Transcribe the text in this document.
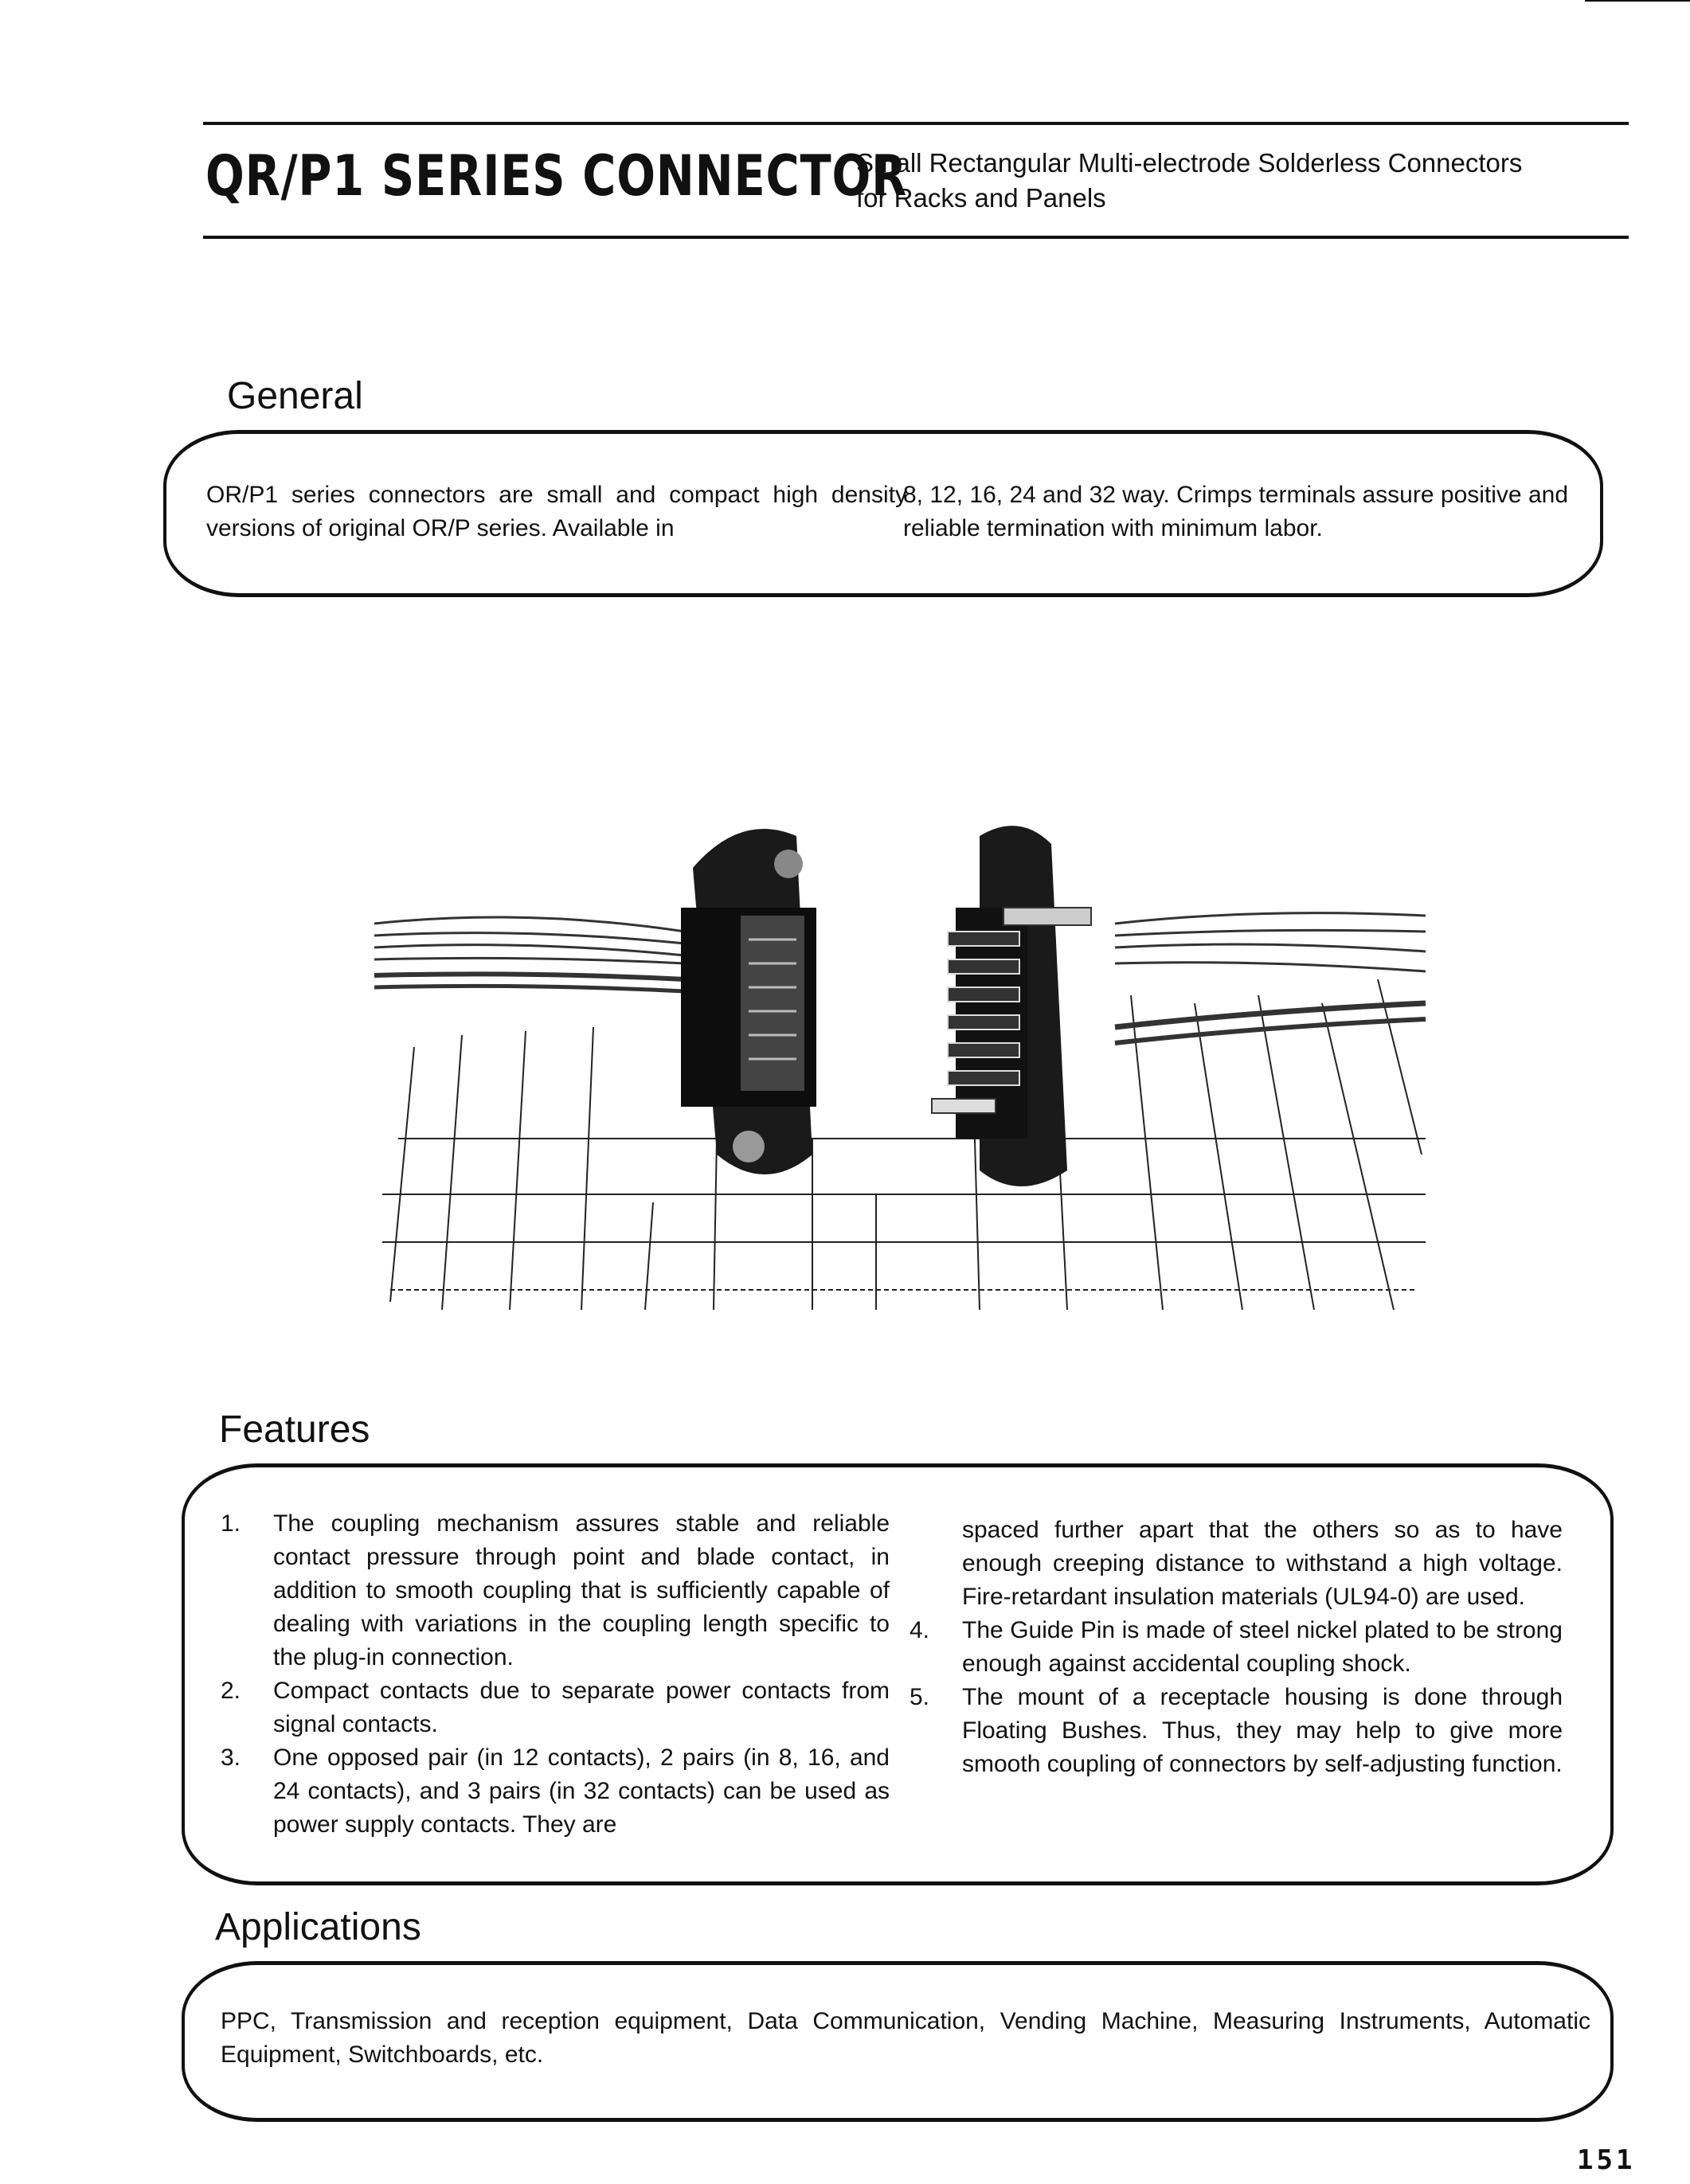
QR/P1 SERIES CONNECTOR
Small Rectangular Multi-electrode Solderless Connectors
for Racks and Panels
General
OR/P1 series connectors are small and compact high density versions of original OR/P series. Available in
8, 12, 16, 24 and 32 way. Crimps terminals assure positive and reliable termination with minimum labor.
Features
1. The coupling mechanism assures stable and reliable contact pressure through point and blade contact, in addition to smooth coupling that is sufficiently capable of dealing with variations in the coupling length specific to the plug-in connection.
2. Compact contacts due to separate power contacts from signal contacts.
3. One opposed pair (in 12 contacts), 2 pairs (in 8, 16, and 24 contacts), and 3 pairs (in 32 contacts) can be used as power supply contacts. They are
spaced further apart that the others so as to have enough creeping distance to withstand a high voltage. Fire-retardant insulation materials (UL94-0) are used.
4. The Guide Pin is made of steel nickel plated to be strong enough against accidental coupling shock.
5. The mount of a receptacle housing is done through Floating Bushes. Thus, they may help to give more smooth coupling of connectors by self-adjusting function.
Applications
PPC, Transmission and reception equipment, Data Communication, Vending Machine, Measuring Instruments, Automatic Equipment, Switchboards, etc.
151
